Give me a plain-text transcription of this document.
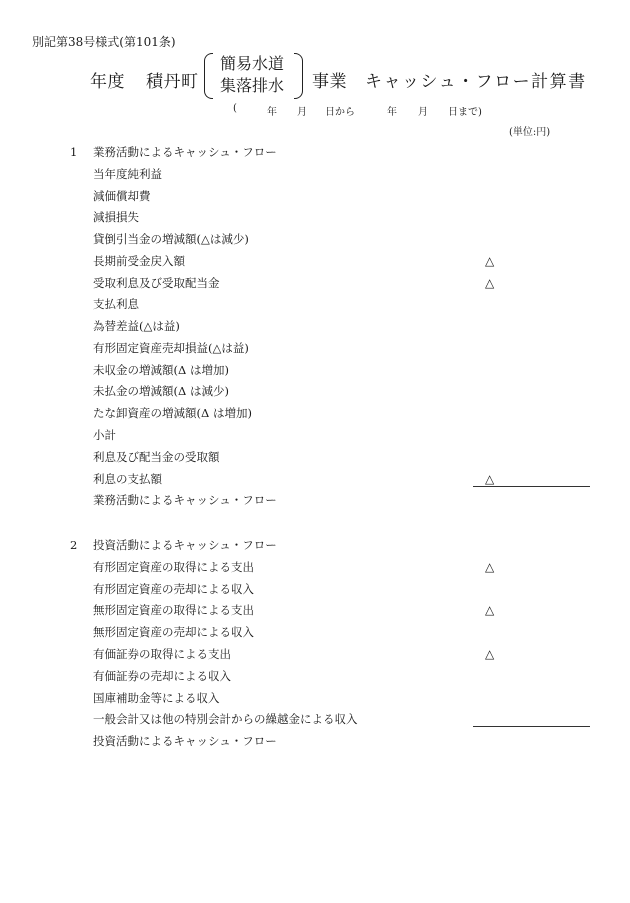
別記第38号様式(第101条)
年度 積丹町
簡易水道
集落排水 事業 キャッシュ・フロー計算書
(	年 月 日から	年 月 日まで)
(単位:円)
1 業務活動によるキャッシュ・フロー
当年度純利益
減価償却費
減損損失
貸倒引当金の増減額(△は減少)
長期前受金戻入額	△
受取利息及び受取配当金	△
支払利息
為替差益(△は益)
有形固定資産売却損益(△は益)
未収金の増減額(Δ は増加)
未払金の増減額(Δ は減少)
たな卸資産の増減額(Δ は増加)
小計
利息及び配当金の受取額
利息の支払額	△
業務活動によるキャッシュ・フロー
2 投資活動によるキャッシュ・フロー
有形固定資産の取得による支出	△
有形固定資産の売却による収入
無形固定資産の取得による支出	△
無形固定資産の売却による収入
有価証券の取得による支出	△
有価証券の売却による収入
国庫補助金等による収入
一般会計又は他の特別会計からの繰越金による収入
投資活動によるキャッシュ・フロー
